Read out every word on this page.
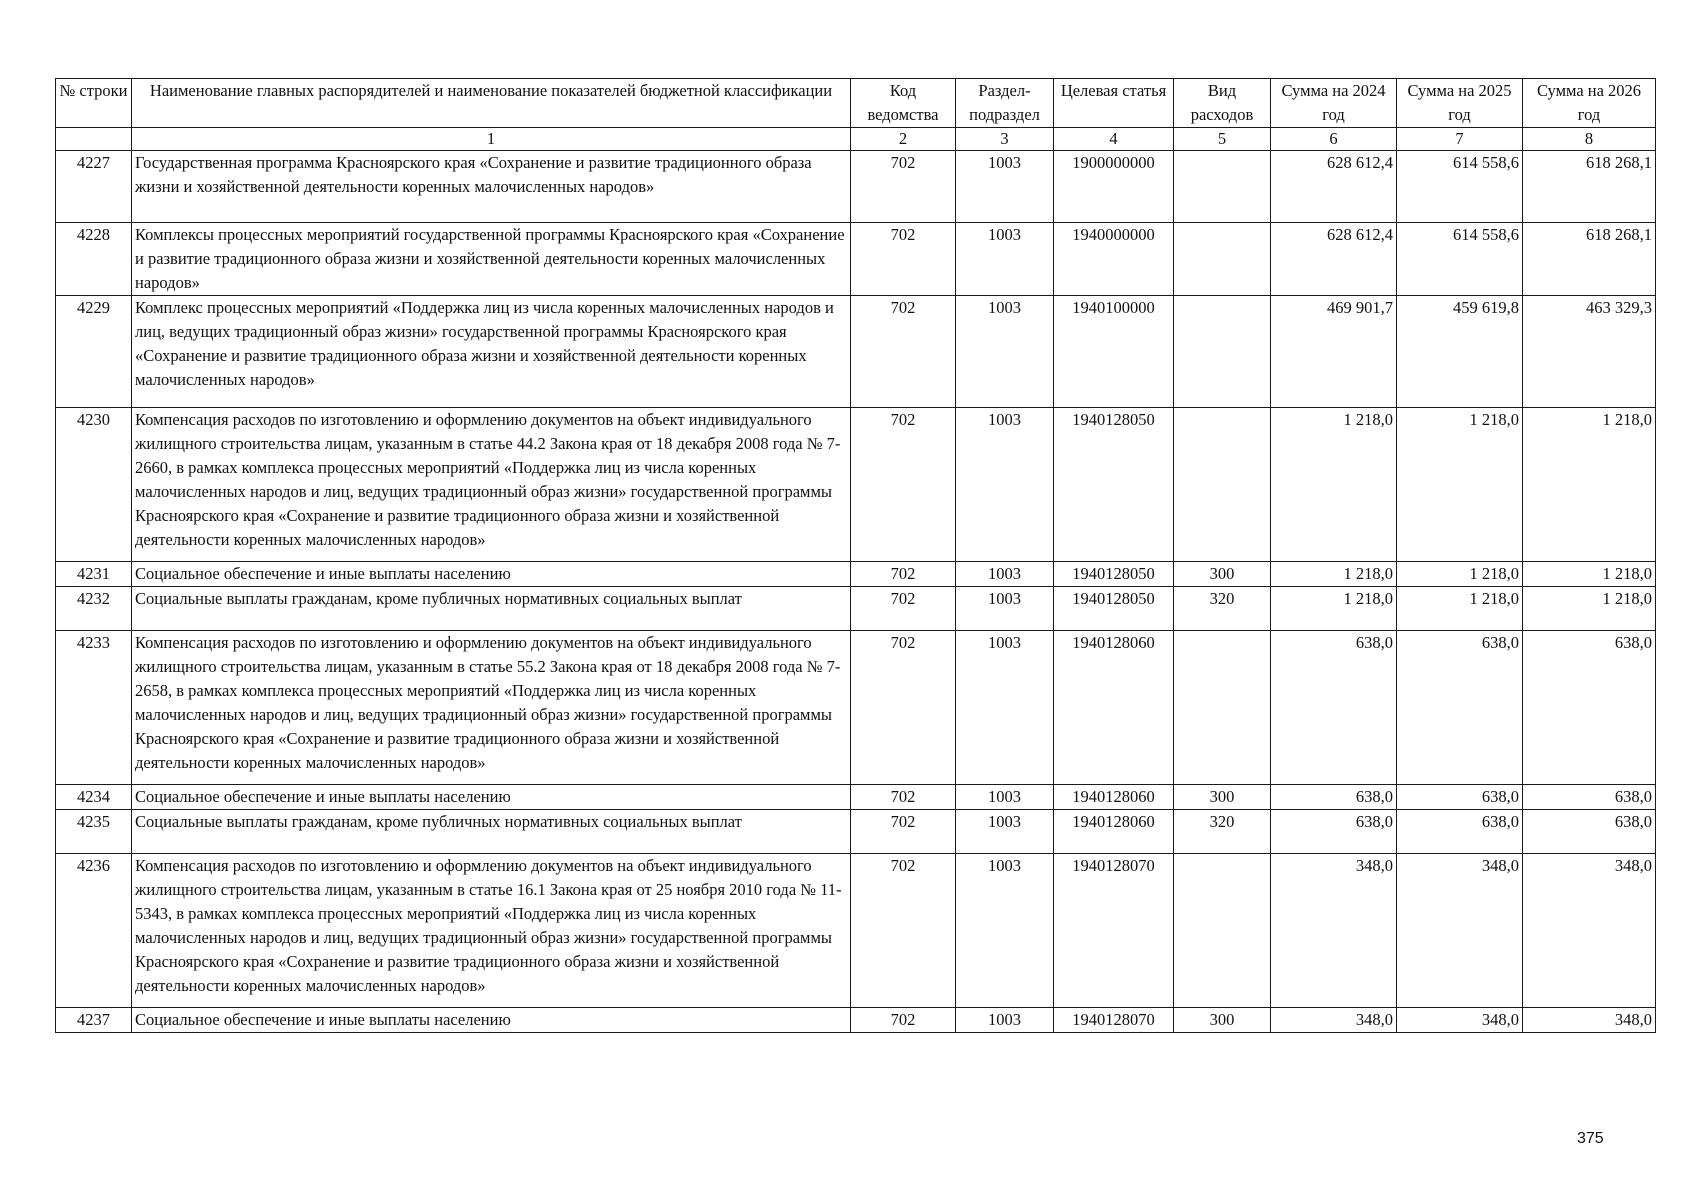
№ строки	Наименование главных распорядителей и наименование показателей бюджетной классификации	Код ведомства	Раздел-подраздел	Целевая статья	Вид расходов	Сумма на 2024 год	Сумма на 2025 год	Сумма на 2026 год
	1	2	3	4	5	6	7	8
4227	Государственная программа Красноярского края «Сохранение и развитие традиционного образа жизни и хозяйственной деятельности коренных малочисленных народов»	702	1003	1900000000		628 612,4	614 558,6	618 268,1
4228	Комплексы процессных мероприятий государственной программы Красноярского края «Сохранение и развитие традиционного образа жизни и хозяйственной деятельности коренных малочисленных народов»	702	1003	1940000000		628 612,4	614 558,6	618 268,1
4229	Комплекс процессных мероприятий «Поддержка лиц из числа коренных малочисленных народов и лиц, ведущих традиционный образ жизни» государственной программы Красноярского края «Сохранение и развитие традиционного образа жизни и хозяйственной деятельности коренных малочисленных народов»	702	1003	1940100000		469 901,7	459 619,8	463 329,3
4230	Компенсация расходов по изготовлению и оформлению документов на объект индивидуального жилищного строительства лицам, указанным в статье 44.2 Закона края от 18 декабря 2008 года № 7-2660, в рамках комплекса процессных мероприятий «Поддержка лиц из числа коренных малочисленных народов и лиц, ведущих традиционный образ жизни» государственной программы Красноярского края «Сохранение и развитие традиционного образа жизни и хозяйственной деятельности коренных малочисленных народов»	702	1003	1940128050		1 218,0	1 218,0	1 218,0
4231	Социальное обеспечение и иные выплаты населению	702	1003	1940128050	300	1 218,0	1 218,0	1 218,0
4232	Социальные выплаты гражданам, кроме публичных нормативных социальных выплат	702	1003	1940128050	320	1 218,0	1 218,0	1 218,0
4233	Компенсация расходов по изготовлению и оформлению документов на объект индивидуального жилищного строительства лицам, указанным в статье 55.2 Закона края от 18 декабря 2008 года № 7-2658, в рамках комплекса процессных мероприятий «Поддержка лиц из числа коренных малочисленных народов и лиц, ведущих традиционный образ жизни» государственной программы Красноярского края «Сохранение и развитие традиционного образа жизни и хозяйственной деятельности коренных малочисленных народов»	702	1003	1940128060		638,0	638,0	638,0
4234	Социальное обеспечение и иные выплаты населению	702	1003	1940128060	300	638,0	638,0	638,0
4235	Социальные выплаты гражданам, кроме публичных нормативных социальных выплат	702	1003	1940128060	320	638,0	638,0	638,0
4236	Компенсация расходов по изготовлению и оформлению документов на объект индивидуального жилищного строительства лицам, указанным в статье 16.1 Закона края от 25 ноября 2010 года № 11-5343, в рамках комплекса процессных мероприятий «Поддержка лиц из числа коренных малочисленных народов и лиц, ведущих традиционный образ жизни» государственной программы Красноярского края «Сохранение и развитие традиционного образа жизни и хозяйственной деятельности коренных малочисленных народов»	702	1003	1940128070		348,0	348,0	348,0
4237	Социальное обеспечение и иные выплаты населению	702	1003	1940128070	300	348,0	348,0	348,0
375
